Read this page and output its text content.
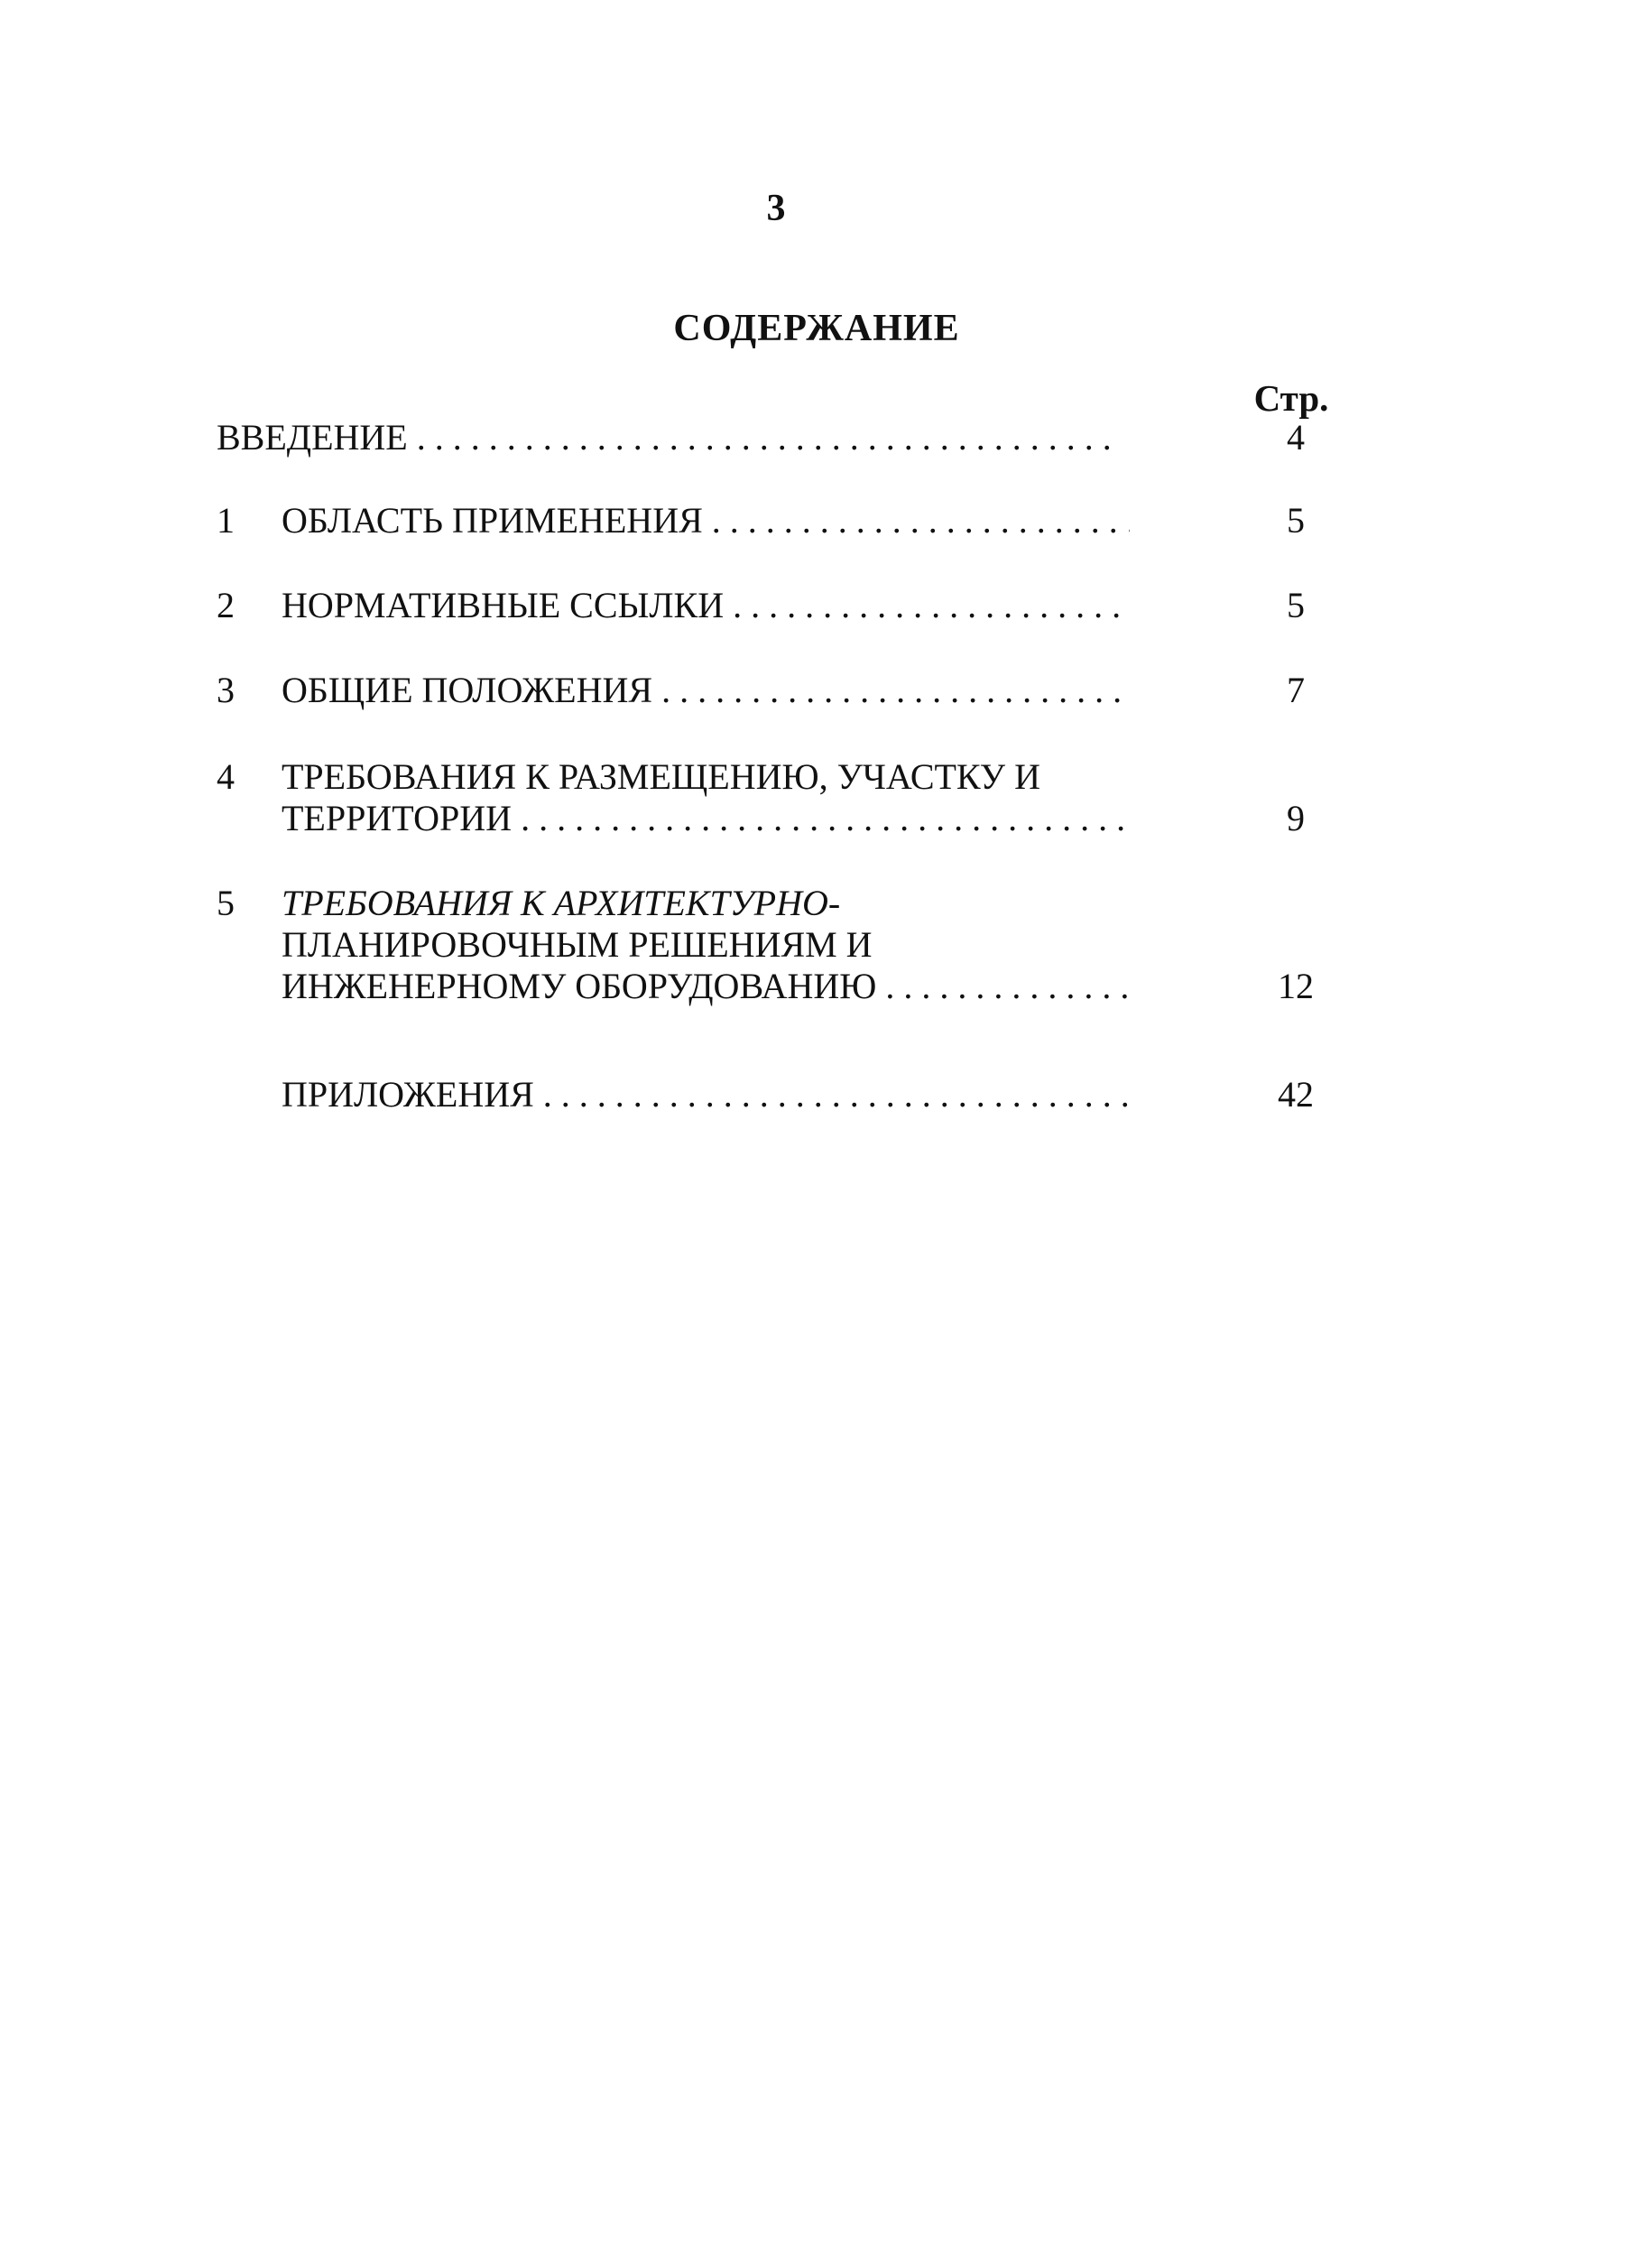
3
СОДЕРЖАНИЕ
Стр.
ВВЕДЕНИЕ . . .	4
1	ОБЛАСТЬ ПРИМЕНЕНИЯ . . .	5
2	НОРМАТИВНЫЕ ССЫЛКИ . . .	5
3	ОБЩИЕ ПОЛОЖЕНИЯ . . .	7
4	ТРЕБОВАНИЯ К РАЗМЕЩЕНИЮ, УЧАСТКУ И
ТЕРРИТОРИИ . . .	9
5	ТРЕБОВАНИЯ К АРХИТЕКТУРНО-
ПЛАНИРОВОЧНЫМ РЕШЕНИЯМ И
ИНЖЕНЕРНОМУ ОБОРУДОВАНИЮ . . .	12
ПРИЛОЖЕНИЯ . . .	42
